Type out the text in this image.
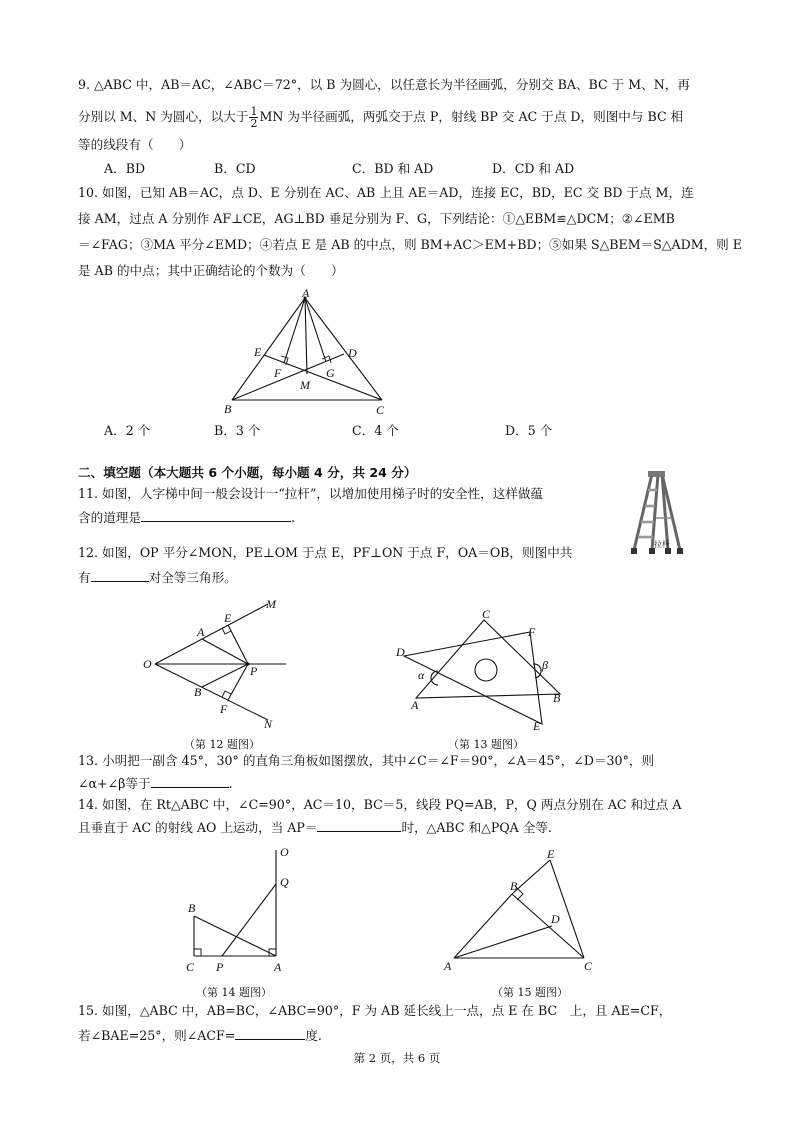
9. △ABC 中，AB＝AC，∠ABC＝72°，以 B 为圆心，以任意长为半径画弧，分别交 BA、BC 于 M、N，再
分别以 M、N 为圆心，以大于 $\frac{1}{2}$ MN 为半径画弧，两弧交于点 P，射线 BP 交 AC 于点 D，则图中与 BC 相
等的线段有（　　）
A．BD	B．CD	C．BD 和 AD	D．CD 和 AD
10. 如图，已知 AB＝AC，点 D、E 分别在 AC、AB 上且 AE＝AD，连接 EC，BD，EC 交 BD 于点 M，连
接 AM，过点 A 分别作 AF⊥CE，AG⊥BD 垂足分别为 F、G，下列结论：①△EBM≌△DCM；②∠EMB
＝∠FAG；③MA 平分∠EMD；④若点 E 是 AB 的中点，则 BM+AC＞EM+BD；⑤如果 S△BEM＝S△ADM，则 E
是 AB 的中点；其中正确结论的个数为（　　）
A
B	C
D
E
F	G
M
A．2 个	B．3 个	C．4 个	D．5 个
二、填空题（本大题共 6 个小题，每小题 4 分，共 24 分）
11. 如图，人字梯中间一般会设计一“拉杆”，以增加使用梯子时的安全性，这样做蕴
含的道理是	.
拉杆
12. 如图，OP 平分∠MON，PE⊥OM 于点 E，PF⊥ON 于点 F，OA＝OB，则图中共
有	对全等三角形。
M
E
A
O	P
B
F
N
（第 12 题图）
C
F
D
α
β
A	B
E
（第 13 题图）
13. 小明把一副含 45°，30° 的直角三角板如图摆放，其中∠C＝∠F＝90°，∠A＝45°，∠D＝30°，则
∠α+∠β等于	.
14. 如图，在 Rt△ABC 中，∠C=90°，AC＝10，BC＝5，线段 PQ=AB，P，Q 两点分别在 AC 和过点 A
且垂直于 AC 的射线 AO 上运动，当 AP＝	时，△ABC 和△PQA 全等.
O
Q
B
C P	A
（第 14 题图）
E
B
D
A	C
（第 15 题图）
15. 如图，△ABC 中，AB=BC，∠ABC=90°，F 为 AB 延长线上一点，点 E 在 BC　上，且 AE=CF，
若∠BAE=25°，则∠ACF=	度.
第 2 页，共 6 页
